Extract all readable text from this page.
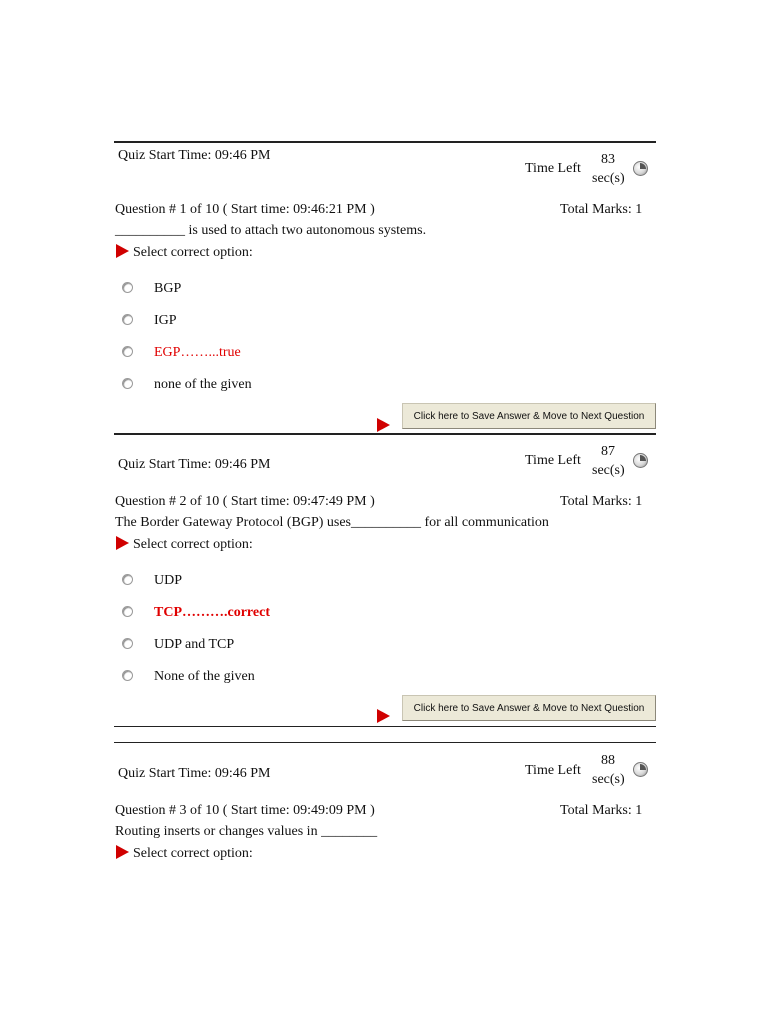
Quiz Start Time: 09:46 PM
Time Left
83
sec(s)
Question # 1 of 10 ( Start time: 09:46:21 PM )	Total Marks: 1
__________ is used to attach two autonomous systems.
Select correct option:
BGP
IGP
EGP……...true
none of the given
Click here to Save Answer & Move to Next Question
Quiz Start Time: 09:46 PM	Time Left
87
sec(s)
Question # 2 of 10 ( Start time: 09:47:49 PM )	Total Marks: 1
The Border Gateway Protocol (BGP) uses__________ for all communication
Select correct option:
UDP
TCP……….correct
UDP and TCP
None of the given
Click here to Save Answer & Move to Next Question
Quiz Start Time: 09:46 PM	Time Left
88
sec(s)
Question # 3 of 10 ( Start time: 09:49:09 PM )	Total Marks: 1
Routing inserts or changes values in ________
Select correct option:
